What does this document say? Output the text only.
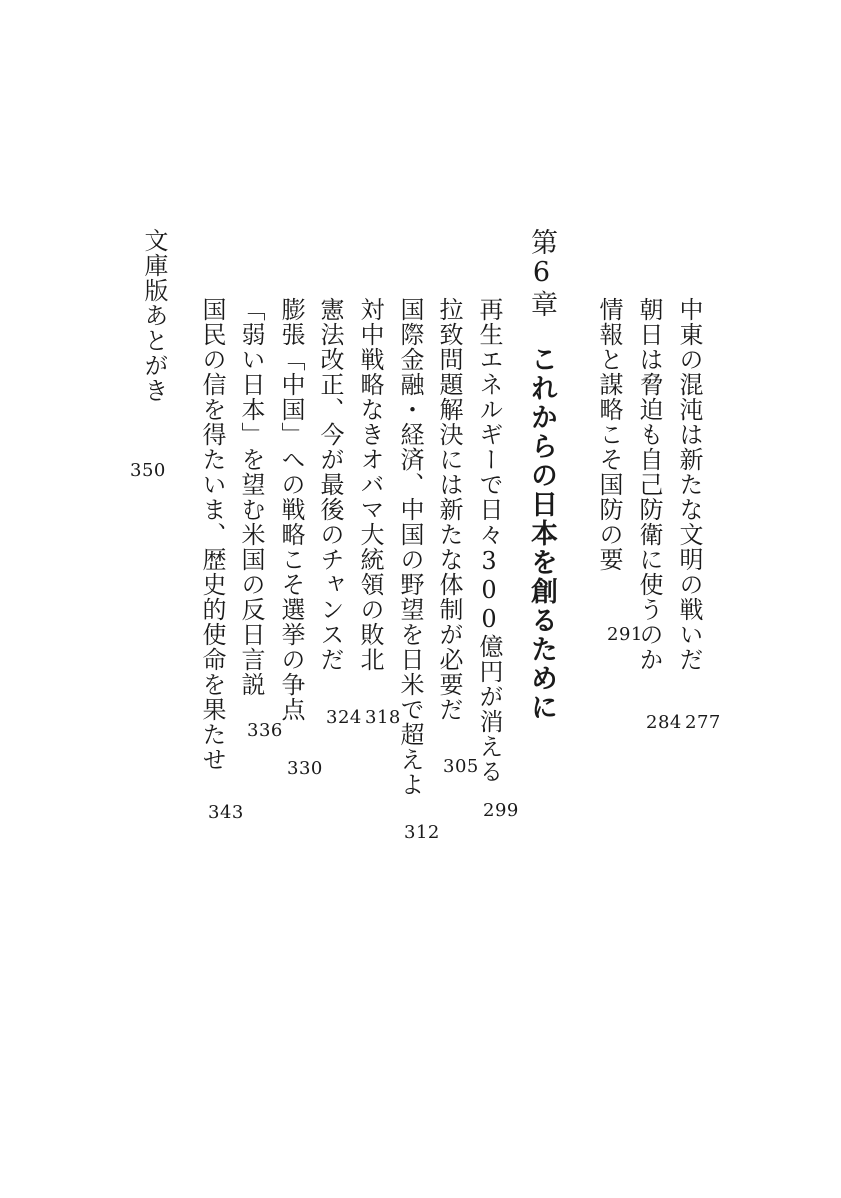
中東の混沌は新たな文明の戦いだ
277
朝日は脅迫も自己防衛に使うのか
284
情報と謀略こそ国防の要
291
第6章これからの日本を創るために
再生エネルギーで日々300億円が消える
299
拉致問題解決には新たな体制が必要だ
305
国際金融・経済、中国の野望を日米で超えよ
312
対中戦略なきオバマ大統領の敗北
318
憲法改正、今が最後のチャンスだ
324
膨張「中国」への戦略こそ選挙の争点
330
「弱い日本」を望む米国の反日言説
336
国民の信を得たいま、歴史的使命を果たせ
343
文庫版あとがき
350
